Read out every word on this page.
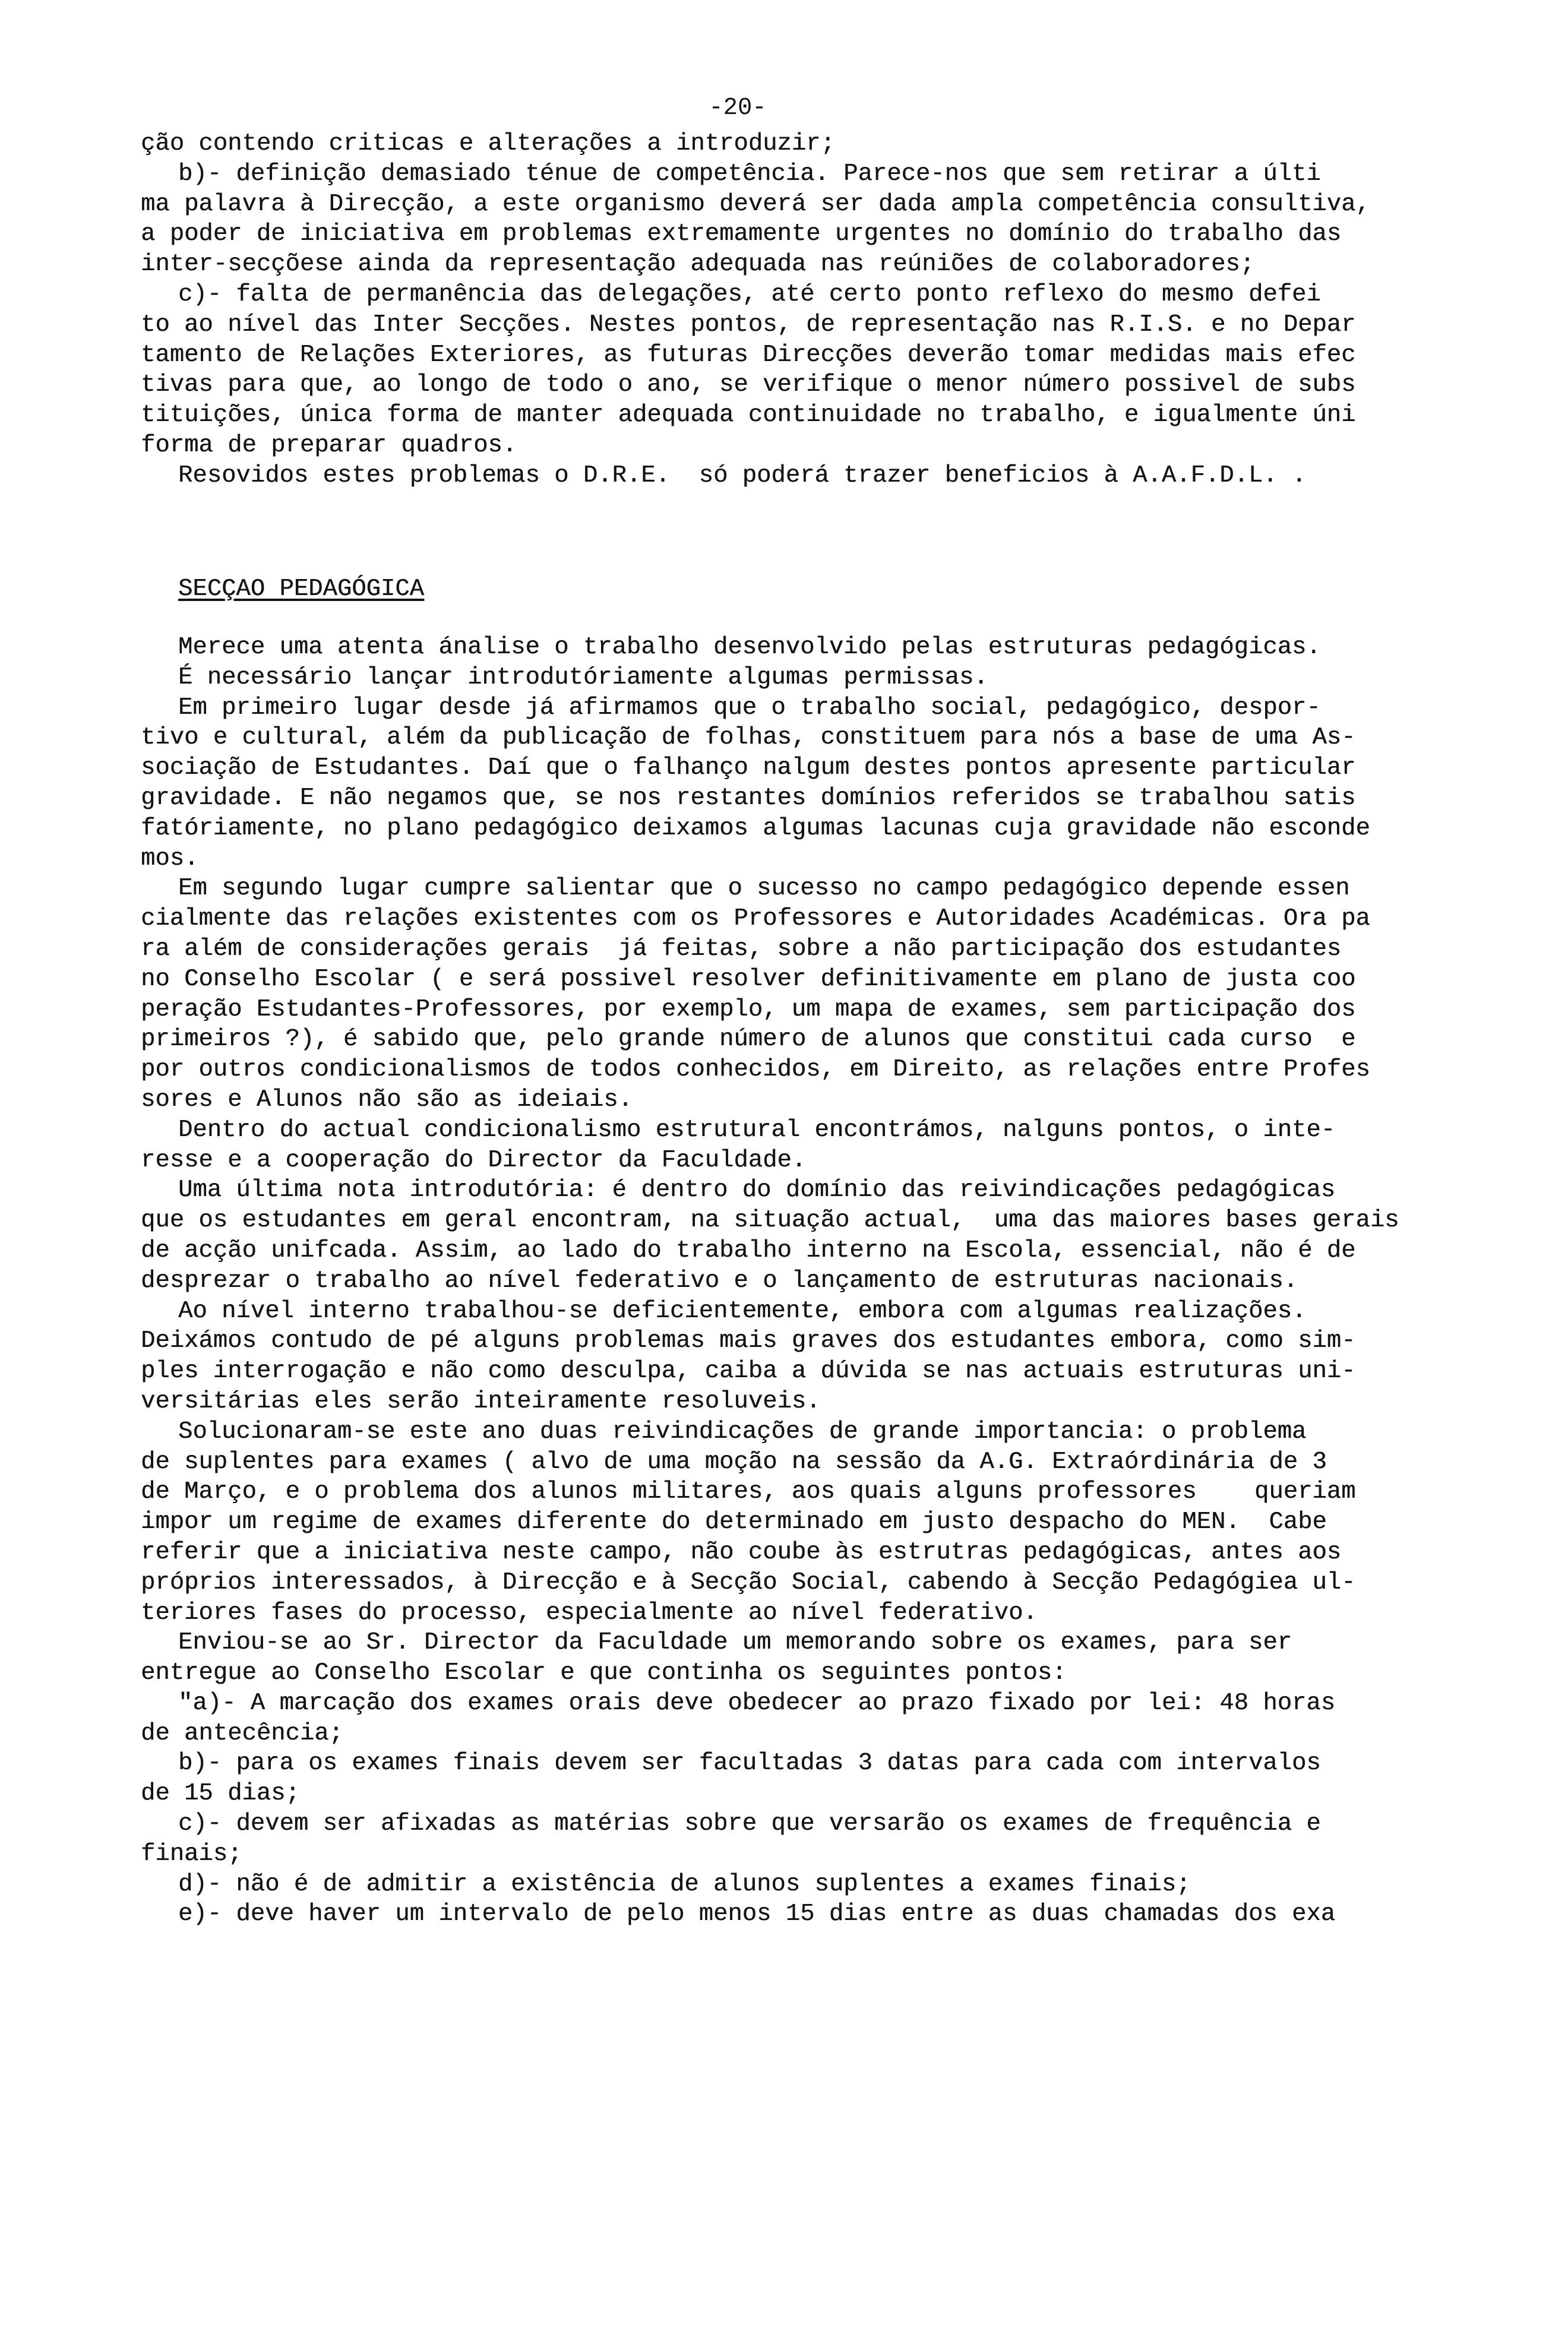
-20-
ção contendo criticas e alterações a introduzir;
b)- definição demasiado ténue de competência. Parece-nos que sem retirar a últi
ma palavra à Direcção, a este organismo deverá ser dada ampla competência consultiva,
a poder de iniciativa em problemas extremamente urgentes no domínio do trabalho das
inter-secçõese ainda da representação adequada nas reúniões de colaboradores;
c)- falta de permanência das delegações, até certo ponto reflexo do mesmo defei
to ao nível das Inter Secções. Nestes pontos, de representação nas R.I.S. e no Depar
tamento de Relações Exteriores, as futuras Direcções deverão tomar medidas mais efec
tivas para que, ao longo de todo o ano, se verifique o menor número possivel de subs
tituições, única forma de manter adequada continuidade no trabalho, e igualmente úni
forma de preparar quadros.
Resovidos estes problemas o D.R.E.  só poderá trazer beneficios à A.A.F.D.L. .
SECÇAO PEDAGÓGICA
Merece uma atenta ánalise o trabalho desenvolvido pelas estruturas pedagógicas.
É necessário lançar introdutóriamente algumas permissas.
Em primeiro lugar desde já afirmamos que o trabalho social, pedagógico, despor-
tivo e cultural, além da publicação de folhas, constituem para nós a base de uma As-
sociação de Estudantes. Daí que o falhanço nalgum destes pontos apresente particular
gravidade. E não negamos que, se nos restantes domínios referidos se trabalhou satis
fatóriamente, no plano pedagógico deixamos algumas lacunas cuja gravidade não esconde
mos.
Em segundo lugar cumpre salientar que o sucesso no campo pedagógico depende essen
cialmente das relações existentes com os Professores e Autoridades Académicas. Ora pa
ra além de considerações gerais  já feitas, sobre a não participação dos estudantes
no Conselho Escolar ( e será possivel resolver definitivamente em plano de justa coo
peração Estudantes-Professores, por exemplo, um mapa de exames, sem participação dos
primeiros ?), é sabido que, pelo grande número de alunos que constitui cada curso  e
por outros condicionalismos de todos conhecidos, em Direito, as relações entre Profes
sores e Alunos não são as ideiais.
Dentro do actual condicionalismo estrutural encontrámos, nalguns pontos, o inte-
resse e a cooperação do Director da Faculdade.
Uma última nota introdutória: é dentro do domínio das reivindicações pedagógicas
que os estudantes em geral encontram, na situação actual,  uma das maiores bases gerais
de acção unifcada. Assim, ao lado do trabalho interno na Escola, essencial, não é de
desprezar o trabalho ao nível federativo e o lançamento de estruturas nacionais.
Ao nível interno trabalhou-se deficientemente, embora com algumas realizações.
Deixámos contudo de pé alguns problemas mais graves dos estudantes embora, como sim-
ples interrogação e não como desculpa, caiba a dúvida se nas actuais estruturas uni-
versitárias eles serão inteiramente resoluveis.
Solucionaram-se este ano duas reivindicações de grande importancia: o problema
de suplentes para exames ( alvo de uma moção na sessão da A.G. Extraórdinária de 3
de Março, e o problema dos alunos militares, aos quais alguns professores    queriam
impor um regime de exames diferente do determinado em justo despacho do MEN.  Cabe
referir que a iniciativa neste campo, não coube às estrutras pedagógicas, antes aos
próprios interessados, à Direcção e à Secção Social, cabendo à Secção Pedagógiea ul-
teriores fases do processo, especialmente ao nível federativo.
Enviou-se ao Sr. Director da Faculdade um memorando sobre os exames, para ser
entregue ao Conselho Escolar e que continha os seguintes pontos:
"a)- A marcação dos exames orais deve obedecer ao prazo fixado por lei: 48 horas
de antecência;
b)- para os exames finais devem ser facultadas 3 datas para cada com intervalos
de 15 dias;
c)- devem ser afixadas as matérias sobre que versarão os exames de frequência e
finais;
d)- não é de admitir a existência de alunos suplentes a exames finais;
e)- deve haver um intervalo de pelo menos 15 dias entre as duas chamadas dos exa
